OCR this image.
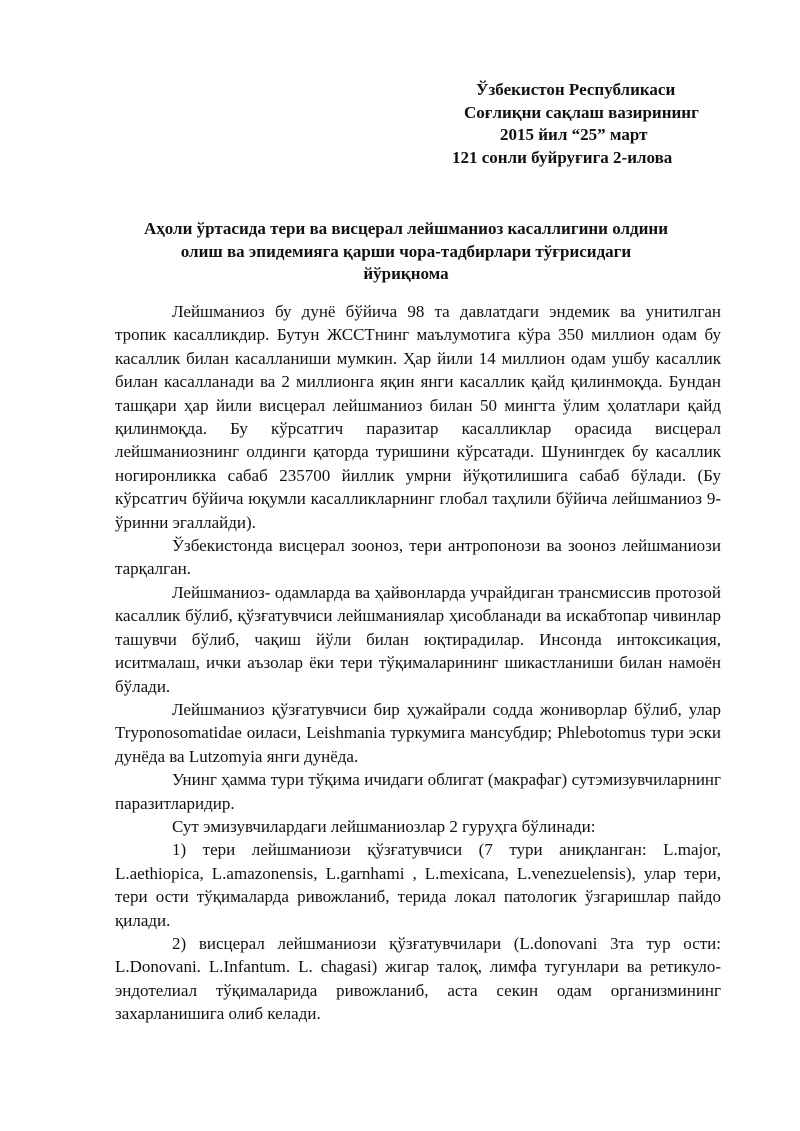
Ўзбекистон Республикаси
Соғлиқни сақлаш вазирининг
2015 йил “25” март
121 сонли буйруғига 2-илова
Аҳоли ўртасида тери ва висцерал лейшманиоз касаллигини олдини
олиш ва эпидемияга қарши чора-тадбирлари тўғрисидаги
йўриқнома

Лейшманиоз бу дунё бўйича 98 та давлатдаги эндемик ва унитилган тропик касалликдир. Бутун ЖССТнинг маълумотига кўра 350 миллион одам бу касаллик билан касалланиши мумкин. Ҳар йили 14 миллион одам ушбу касаллик билан касалланади ва 2 миллионга яқин янги касаллик қайд қилинмоқда. Бундан ташқари ҳар йили висцерал лейшманиоз билан 50 мингта ўлим ҳолатлари қайд қилинмоқда. Бу кўрсатгич паразитар касалликлар орасида висцерал лейшманиознинг олдинги қаторда туришини кўрсатади. Шунингдек бу касаллик ногиронликка сабаб 235700 йиллик умрни йўқотилишига сабаб бўлади. (Бу кўрсатгич бўйича юқумли касалликларнинг глобал таҳлили бўйича лейшманиоз 9-ўринни эгаллайди).

Ўзбекистонда висцерал зооноз, тери антропонози ва зооноз лейшманиози тарқалган.

Лейшманиоз- одамларда ва ҳайвонларда учрайдиган трансмиссив протозой касаллик бўлиб, қўзғатувчиси лейшманиялар ҳисобланади ва искабтопар чивинлар ташувчи бўлиб, чақиш йўли билан юқтирадилар. Инсонда интоксикация, иситмалаш, ички аъзолар ёки тери тўқималарининг шикастланиши билан намоён бўлади.

Лейшманиоз қўзғатувчиси бир ҳужайрали содда жониворлар бўлиб, улар Tryponosomatidae оиласи, Leishmania туркумига мансубдир; Phlebotomus тури эски дунёда ва Lutzomyia янги дунёда.

Унинг ҳамма тури тўқима ичидаги облигат (макрафаг) сутэмизувчиларнинг паразитларидир.

Сут эмизувчилардаги лейшманиозлар 2 гуруҳга бўлинади:

1) тери лейшманиози қўзғатувчиси (7 тури аниқланган: L.major, L.aethiopica, L.amazonensis, L.garnhami , L.mexicana, L.venezuelensis), улар тери, тери ости тўқималарда ривожланиб, терида локал патологик ўзгаришлар пайдо қилади.

2) висцерал лейшманиози қўзғатувчилари (L.donovani 3та тур ости: L.Donovani. L.Infantum. L. chagasi) жигар талоқ, лимфа тугунлари ва ретикуло- эндотелиал тўқималарида ривожланиб, аста секин одам организмининг захарланишига олиб келади.
